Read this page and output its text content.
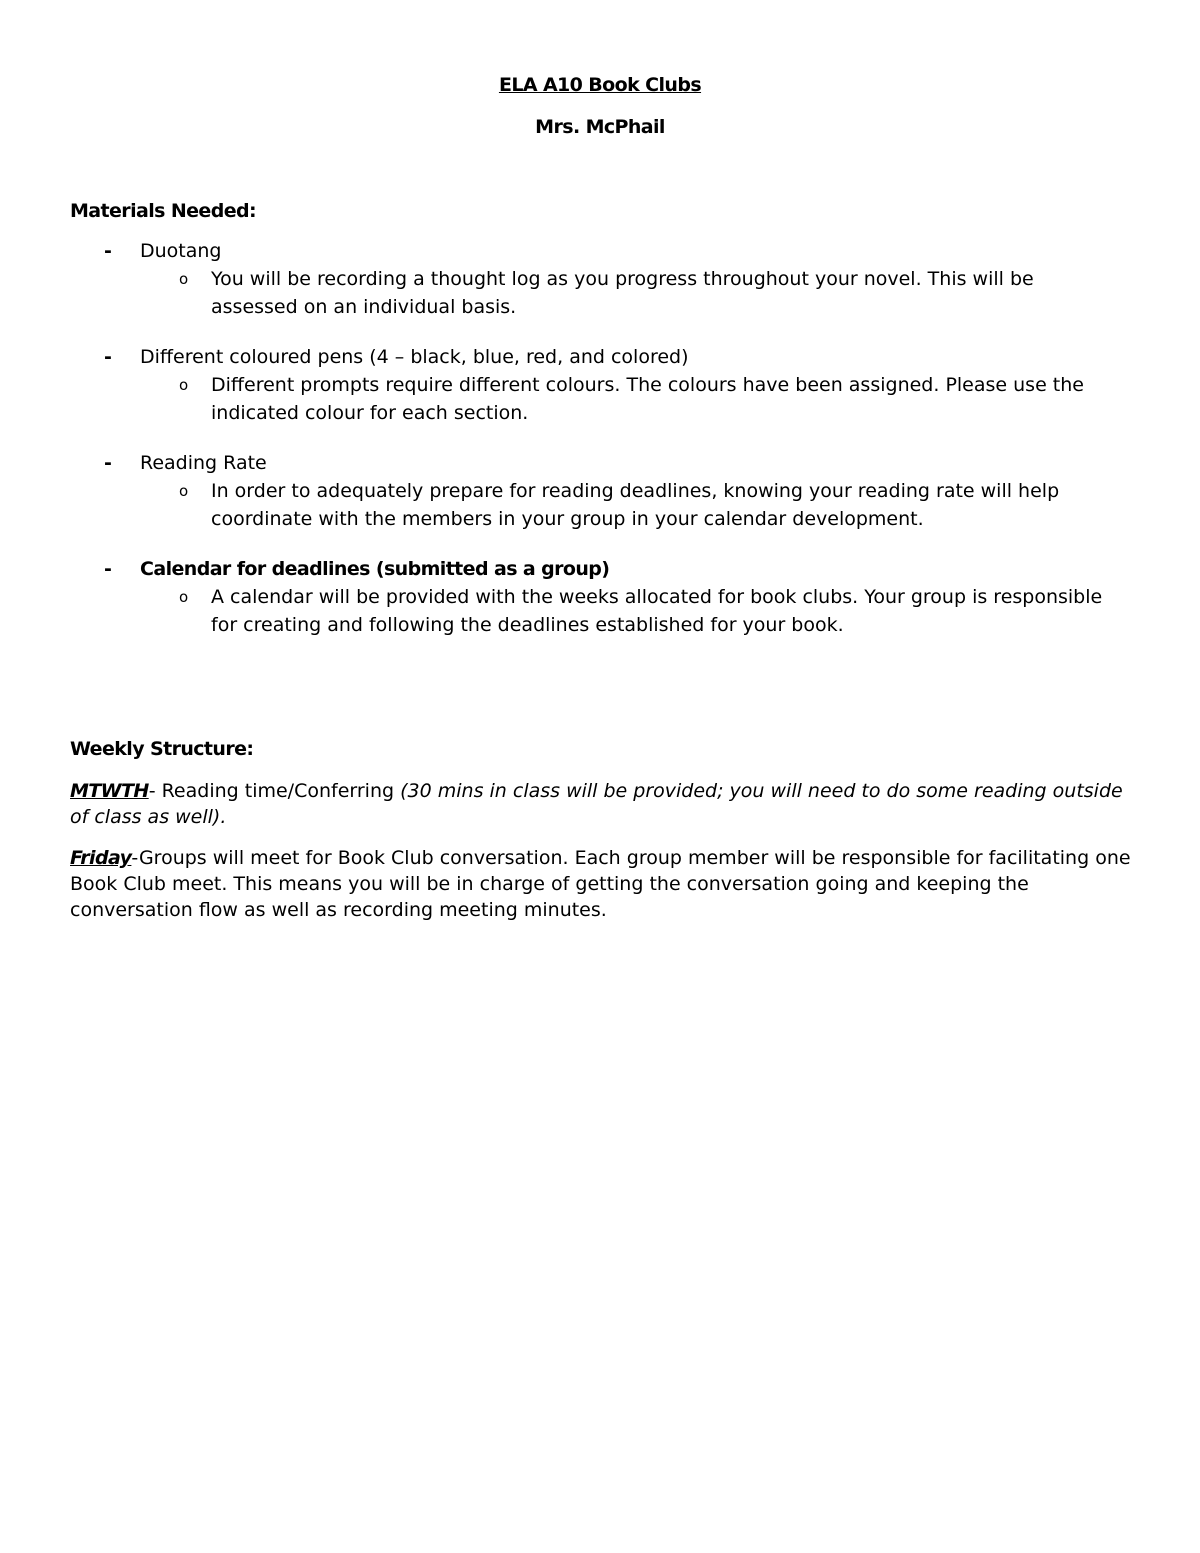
ELA A10 Book Clubs
Mrs. McPhail
Materials Needed:
- Duotang
o You will be recording a thought log as you progress throughout your novel. This will be assessed on an individual basis.
- Different coloured pens (4 – black, blue, red, and colored)
o Different prompts require different colours. The colours have been assigned. Please use the indicated colour for each section.
- Reading Rate
o In order to adequately prepare for reading deadlines, knowing your reading rate will help coordinate with the members in your group in your calendar development.
- Calendar for deadlines (submitted as a group)
o A calendar will be provided with the weeks allocated for book clubs. Your group is responsible for creating and following the deadlines established for your book.
Weekly Structure:
MTWTH- Reading time/Conferring (30 mins in class will be provided; you will need to do some reading outside of class as well).
Friday-Groups will meet for Book Club conversation. Each group member will be responsible for facilitating one Book Club meet. This means you will be in charge of getting the conversation going and keeping the conversation flow as well as recording meeting minutes.
